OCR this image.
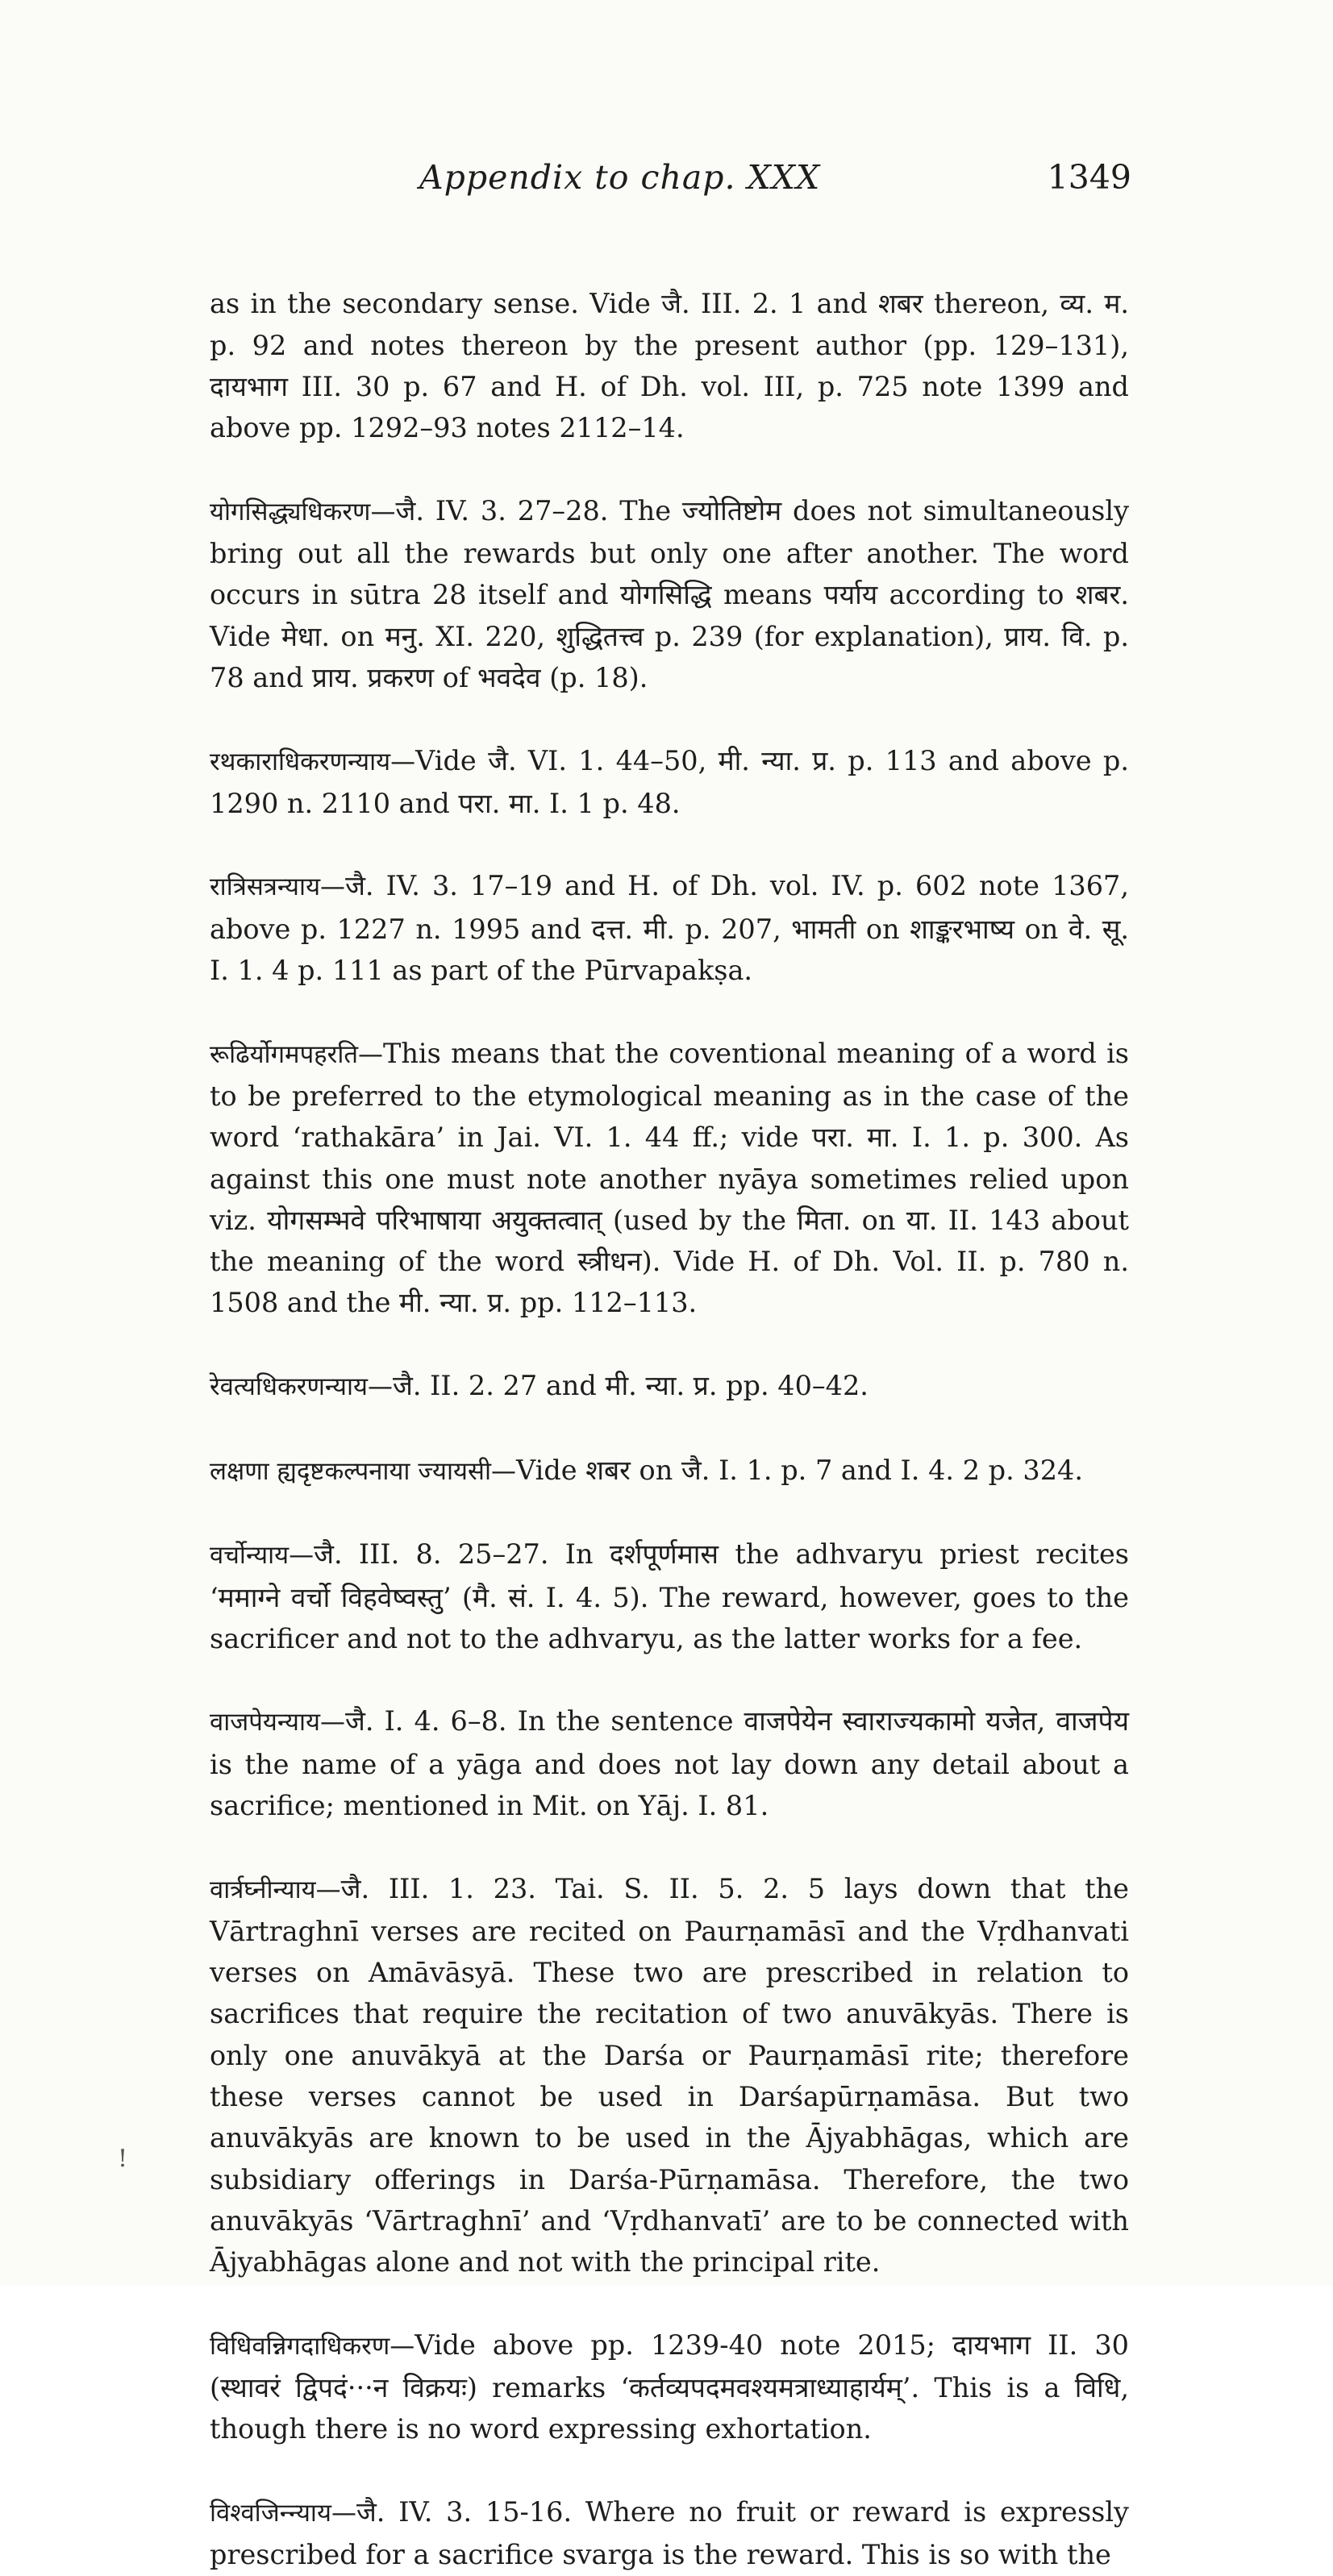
Appendix to chap. XXX	1349

as in the secondary sense. Vide जै. III. 2. 1 and शबर thereon, व्य. म. p. 92 and notes thereon by the present author (pp. 129–131), दायभाग III. 30 p. 67 and H. of Dh. vol. III, p. 725 note 1399 and above pp. 1292–93 notes 2112–14.

योगसिद्ध्यधिकरण—जै. IV. 3. 27–28. The ज्योतिष्टोम does not simultaneously bring out all the rewards but only one after another. The word occurs in sūtra 28 itself and योगसिद्धि means पर्याय according to शबर. Vide मेधा. on मनु. XI. 220, शुद्धितत्त्व p. 239 (for explanation), प्राय. वि. p. 78 and प्राय. प्रकरण of भवदेव (p. 18).

रथकाराधिकरणन्याय—Vide जै. VI. 1. 44–50, मी. न्या. प्र. p. 113 and above p. 1290 n. 2110 and परा. मा. I. 1 p. 48.

रात्रिसत्रन्याय—जै. IV. 3. 17–19 and H. of Dh. vol. IV. p. 602 note 1367, above p. 1227 n. 1995 and दत्त. मी. p. 207, भामती on शाङ्करभाष्य on वे. सू. I. 1. 4 p. 111 as part of the Pūrvapakṣa.

रूढिर्योगमपहरति—This means that the coventional meaning of a word is to be preferred to the etymological meaning as in the case of the word ‘rathakāra’ in Jai. VI. 1. 44 ff.; vide परा. मा. I. 1. p. 300. As against this one must note another nyāya sometimes relied upon viz. योगसम्भवे परिभाषाया अयुक्तत्वात् (used by the मिता. on या. II. 143 about the meaning of the word स्त्रीधन). Vide H. of Dh. Vol. II. p. 780 n. 1508 and the मी. न्या. प्र. pp. 112–113.

रेवत्यधिकरणन्याय—जै. II. 2. 27 and मी. न्या. प्र. pp. 40–42.

लक्षणा ह्यदृष्टकल्पनाया ज्यायसी—Vide शबर on जै. I. 1. p. 7 and I. 4. 2 p. 324.

वर्चोन्याय—जै. III. 8. 25–27. In दर्शपूर्णमास the adhvaryu priest recites ‘ममाग्ने वर्चो विहवेष्वस्तु’ (मै. सं. I. 4. 5). The reward, however, goes to the sacrificer and not to the adhvaryu, as the latter works for a fee.

वाजपेयन्याय—जै. I. 4. 6–8. In the sentence वाजपेयेन स्वाराज्यकामो यजेत, वाजपेय is the name of a yāga and does not lay down any detail about a sacrifice; mentioned in Mit. on Yāj. I. 81.

वार्त्रघ्नीन्याय—जै. III. 1. 23. Tai. S. II. 5. 2. 5 lays down that the Vārtraghnī verses are recited on Paurṇamāsī and the Vṛdhanvati verses on Amāvāsyā. These two are prescribed in relation to sacrifices that require the recitation of two anuvākyās. There is only one anuvākyā at the Darśa or Paurṇamāsī rite; therefore these verses cannot be used in Darśapūrṇamāsa. But two anuvākyās are known to be used in the Ājyabhāgas, which are subsidiary offerings in Darśa-Pūrṇamāsa. Therefore, the two anuvākyās ‘Vārtraghnī’ and ‘Vṛdhanvatī’ are to be connected with Ājyabhāgas alone and not with the principal rite.

विधिवन्निगदाधिकरण—Vide above pp. 1239-40 note 2015; दायभाग II. 30 (स्थावरं द्विपदं···न विक्रयः) remarks ‘कर्तव्यपदमवश्यमत्राध्याहार्यम्’. This is a विधि, though there is no word expressing exhortation.

विश्वजिन्न्याय—जै. IV. 3. 15-16. Where no fruit or reward is expressly prescribed for a sacrifice svarga is the reward. This is so with the

!
